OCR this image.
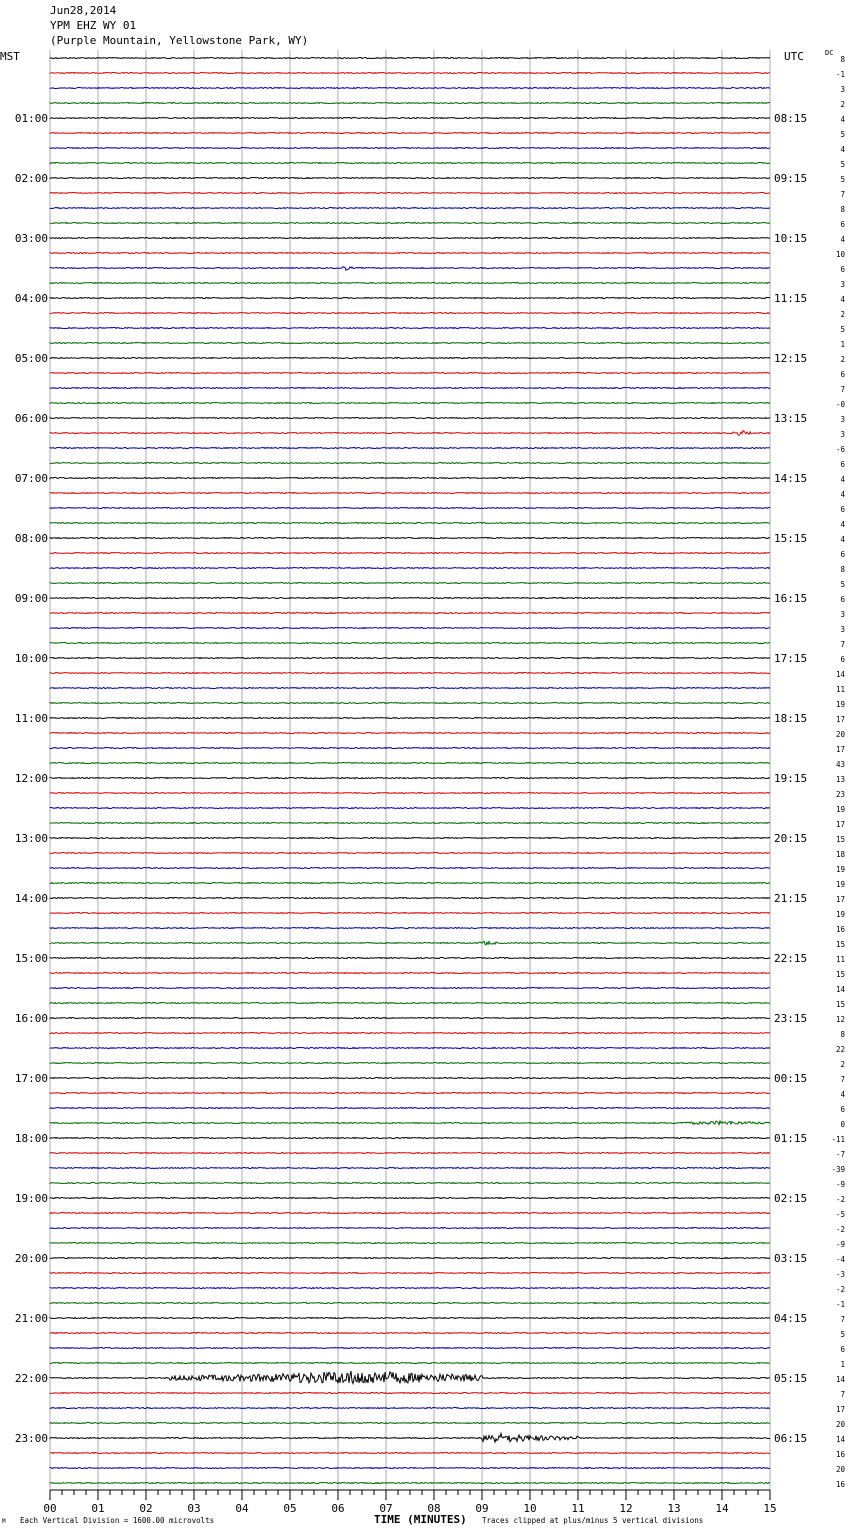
Jun28,2014
YPM EHZ WY 01
(Purple Mountain, Yellowstone Park, WY)
MST	UTC	DC
01:00	08:15
02:00	09:15
03:00	10:15
04:00	11:15
05:00	12:15
06:00	13:15
07:00	14:15
08:00	15:15
09:00	16:15
10:00	17:15
11:00	18:15
12:00	19:15
13:00	20:15
14:00	21:15
15:00	22:15
16:00	23:15
17:00	00:15
18:00	01:15
19:00	02:15
20:00	03:15
21:00	04:15
22:00	05:15
23:00	06:15
8
-1
3
2
4
5
4
5
5
7
8
6
4
10
6
3
4
2
5
1
2
6
7
-0
3
3
-6
6
4
4
6
4
4
6
8
5
6
3
3
7
6
14
11
19
17
20
17
43
13
23
19
17
15
18
19
19
17
19
16
15
11
15
14
15
12
8
22
2
7
4
6
0
-11
-7
-39
-9
-2
-5
-2
-9
-4
-3
-2
-1
7
5
6
1
14
7
17
20
14
16
20
16
00	01	02	03	04	05	06	07	08	09	10	11	12	13	14	15
M Each Vertical Division = 1600.00 microvolts	TIME (MINUTES) Traces clipped at plus/minus 5 vertical divisions
